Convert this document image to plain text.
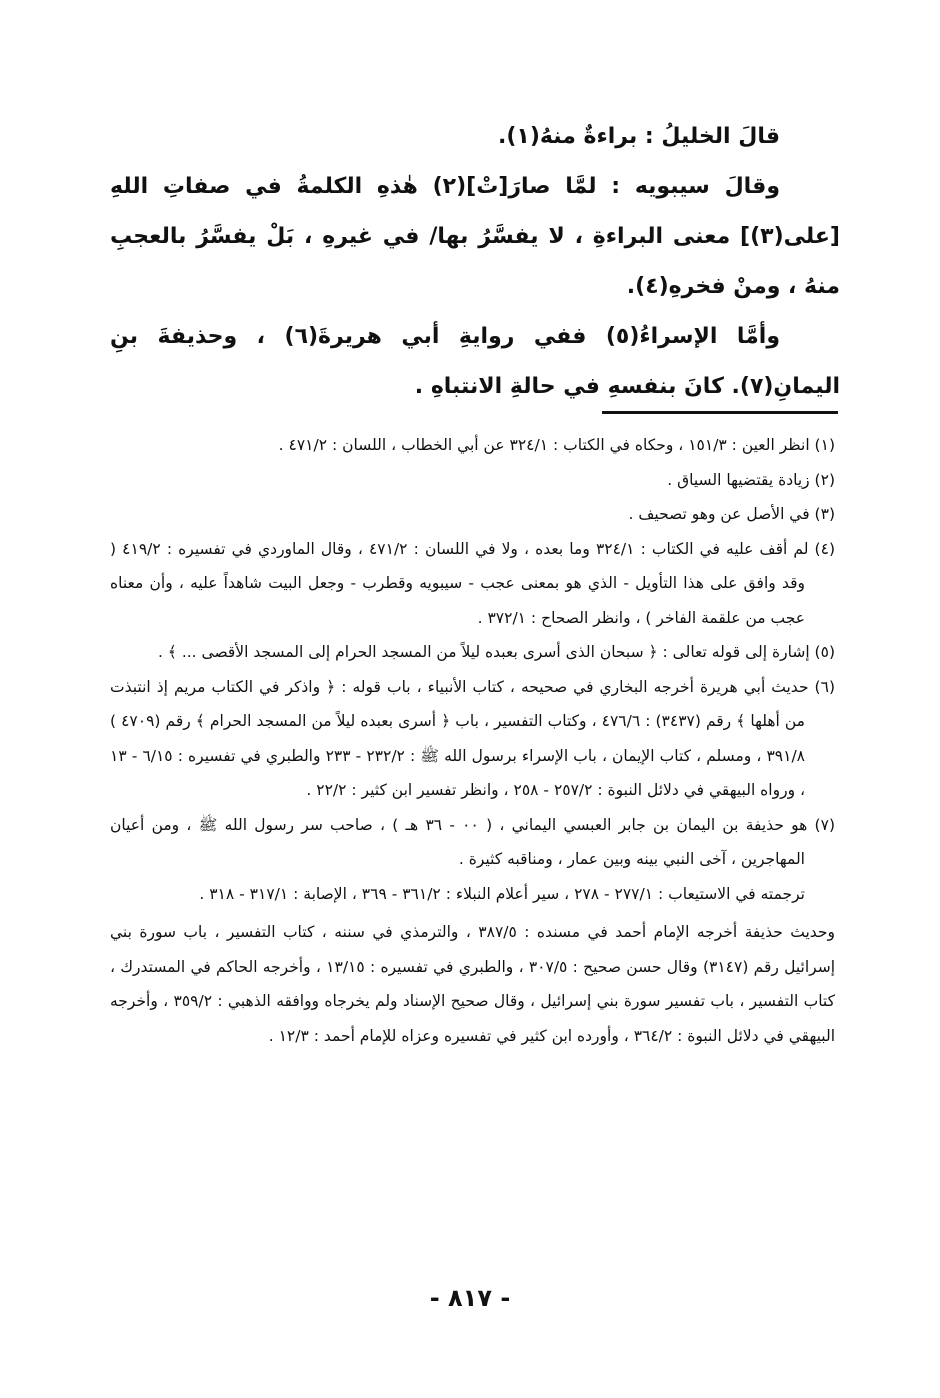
قالَ الخليلُ : براءةٌ منهُ(١).

وقالَ سيبويه : لمَّا صارَ[تْ](٢) هٰذهِ الكلمةُ في صفاتِ اللهِ [على(٣)] معنى البراءةِ ، لا يفسَّرُ بها/ في غيرهِ ، بَلْ يفسَّرُ بالعجبِ منهُ ، ومنْ فخرهِ(٤).

وأمَّا الإسراءُ(٥) ففي روايةِ أبي هريرةَ(٦) ، وحذيفةَ بنِ اليمانِ(٧). كانَ بنفسهِ في حالةِ الانتباهِ .

(١) انظر العين : ١٥١/٣ ، وحكاه في الكتاب : ٣٢٤/١ عن أبي الخطاب ، اللسان : ٤٧١/٢ .

(٢) زيادة يقتضيها السياق .

(٣) في الأصل عن وهو تصحيف .

(٤) لم أقف عليه في الكتاب : ٣٢٤/١ وما بعده ، ولا في اللسان : ٤٧١/٢ ، وقال الماوردي في تفسيره : ٤١٩/٢ ( وقد وافق على هذا التأويل - الذي هو بمعنى عجب - سيبويه وقطرب - وجعل البيت شاهداً عليه ، وأن معناه عجب من علقمة الفاخر ) ، وانظر الصحاح : ٣٧٢/١ .

(٥) إشارة إلى قوله تعالى : ﴿ سبحان الذى أسرى بعبده ليلاً من المسجد الحرام إلى المسجد الأقصى ... ﴾ .

(٦) حديث أبي هريرة أخرجه البخاري في صحيحه ، كتاب الأنبياء ، باب قوله : ﴿ واذكر في الكتاب مريم إذ انتبذت من أهلها ﴾ رقم (٣٤٣٧) : ٤٧٦/٦ ، وكتاب التفسير ، باب ﴿ أسرى بعبده ليلاً من المسجد الحرام ﴾ رقم (٤٧٠٩ ) ٣٩١/٨ ، ومسلم ، كتاب الإيمان ، باب الإسراء برسول الله ﷺ : ٢٣٢/٢ - ٢٣٣ والطبري في تفسيره : ٦/١٥ - ١٣ ، ورواه البيهقي في دلائل النبوة : ٢٥٧/٢ - ٢٥٨ ، وانظر تفسير ابن كثير : ٢٢/٢ .

(٧) هو حذيفة بن اليمان بن جابر العبسي اليماني ، ( ٠٠ - ٣٦ هـ ) ، صاحب سر رسول الله ﷺ ، ومن أعيان المهاجرين ، آخى النبي بينه وبين عمار ، ومناقبه كثيرة .

ترجمته في الاستيعاب : ٢٧٧/١ - ٢٧٨ ، سير أعلام النبلاء : ٣٦١/٢ - ٣٦٩ ، الإصابة : ٣١٧/١ - ٣١٨ .

وحديث حذيفة أخرجه الإمام أحمد في مسنده : ٣٨٧/٥ ، والترمذي في سننه ، كتاب التفسير ، باب سورة بني إسرائيل رقم (٣١٤٧) وقال حسن صحيح : ٣٠٧/٥ ، والطبري في تفسيره : ١٣/١٥ ، وأخرجه الحاكم في المستدرك ، كتاب التفسير ، باب تفسير سورة بني إسرائيل ، وقال صحيح الإسناد ولم يخرجاه ووافقه الذهبي : ٣٥٩/٢ ، وأخرجه البيهقي في دلائل النبوة : ٣٦٤/٢ ، وأورده ابن كثير في تفسيره وعزاه للإمام أحمد : ١٢/٣ .

- ٨١٧ -
